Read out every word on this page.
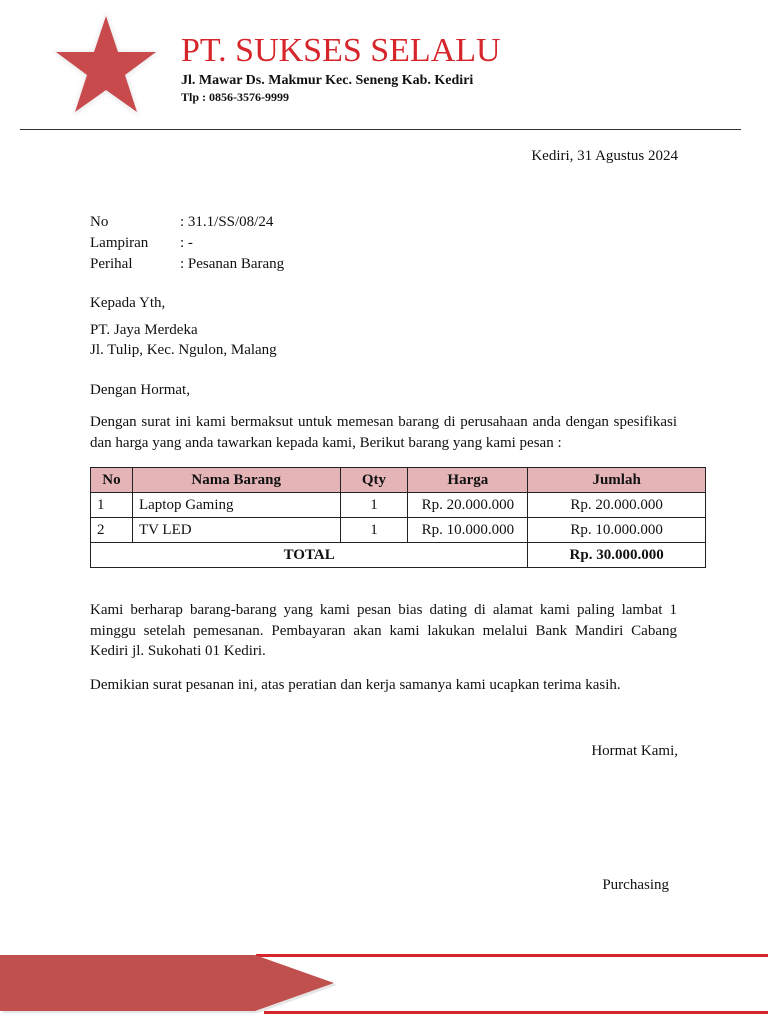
PT. SUKSES SELALU
Jl. Mawar Ds. Makmur Kec. Seneng Kab. Kediri
Tlp : 0856-3576-9999
Kediri, 31 Agustus 2024
No	: 31.1/SS/08/24
Lampiran : -
Perihal	: Pesanan Barang
Kepada Yth,
PT. Jaya Merdeka
Jl. Tulip, Kec. Ngulon, Malang
Dengan Hormat,
Dengan surat ini kami bermaksut untuk memesan barang di perusahaan anda dengan spesifikasi dan harga yang anda tawarkan kepada kami, Berikut barang yang kami pesan :
No	Nama Barang	Qty	Harga	Jumlah
1	Laptop Gaming	1	Rp. 20.000.000	Rp. 20.000.000
2	TV LED	1	Rp. 10.000.000	Rp. 10.000.000
TOTAL				Rp. 30.000.000
Kami berharap barang-barang yang kami pesan bias dating di alamat kami paling lambat 1 minggu setelah pemesanan. Pembayaran akan kami lakukan melalui Bank Mandiri Cabang Kediri jl. Sukohati 01 Kediri.
Demikian surat pesanan ini, atas peratian dan kerja samanya kami ucapkan terima kasih.
Hormat Kami,
Purchasing
